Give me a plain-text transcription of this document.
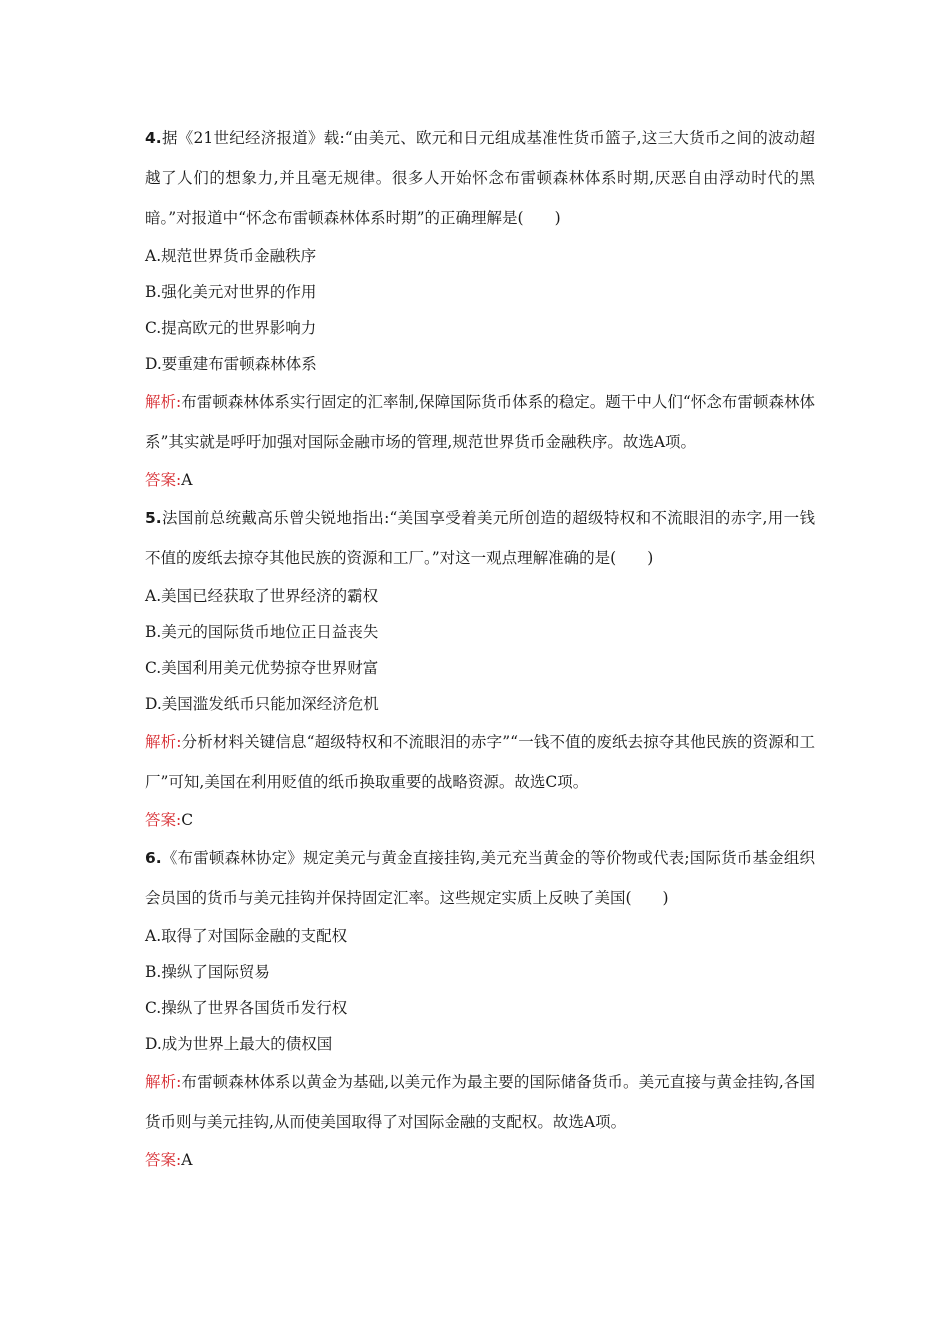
4.据《21世纪经济报道》载:“由美元、欧元和日元组成基准性货币篮子,这三大货币之间的波动超越了人们的想象力,并且毫无规律。很多人开始怀念布雷顿森林体系时期,厌恶自由浮动时代的黑暗。”对报道中“怀念布雷顿森林体系时期”的正确理解是(　　)

A.规范世界货币金融秩序

B.强化美元对世界的作用

C.提高欧元的世界影响力

D.要重建布雷顿森林体系

解析:布雷顿森林体系实行固定的汇率制,保障国际货币体系的稳定。题干中人们“怀念布雷顿森林体系”其实就是呼吁加强对国际金融市场的管理,规范世界货币金融秩序。故选A项。

答案:A

5.法国前总统戴高乐曾尖锐地指出:“美国享受着美元所创造的超级特权和不流眼泪的赤字,用一钱不值的废纸去掠夺其他民族的资源和工厂。”对这一观点理解准确的是(　　)

A.美国已经获取了世界经济的霸权

B.美元的国际货币地位正日益丧失

C.美国利用美元优势掠夺世界财富

D.美国滥发纸币只能加深经济危机

解析:分析材料关键信息“超级特权和不流眼泪的赤字”“一钱不值的废纸去掠夺其他民族的资源和工厂”可知,美国在利用贬值的纸币换取重要的战略资源。故选C项。

答案:C

6.《布雷顿森林协定》规定美元与黄金直接挂钩,美元充当黄金的等价物或代表;国际货币基金组织会员国的货币与美元挂钩并保持固定汇率。这些规定实质上反映了美国(　　)

A.取得了对国际金融的支配权

B.操纵了国际贸易

C.操纵了世界各国货币发行权

D.成为世界上最大的债权国

解析:布雷顿森林体系以黄金为基础,以美元作为最主要的国际储备货币。美元直接与黄金挂钩,各国货币则与美元挂钩,从而使美国取得了对国际金融的支配权。故选A项。

答案:A
